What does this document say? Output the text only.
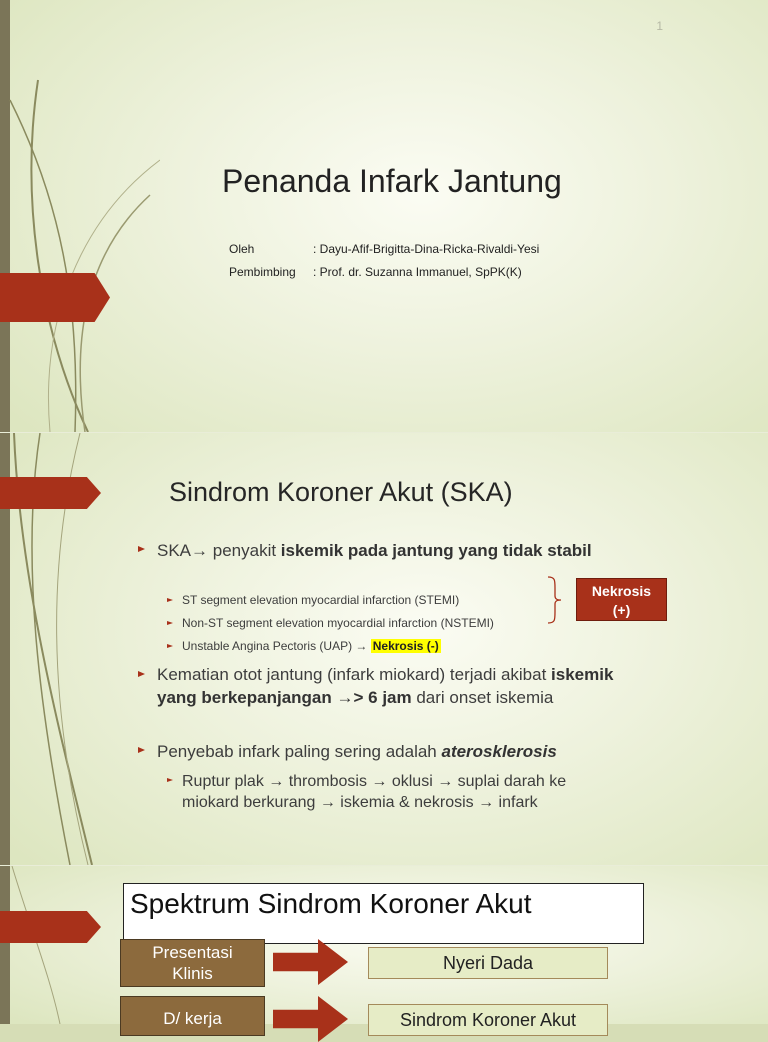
1
Penanda Infark Jantung
Oleh	: Dayu-Afif-Brigitta-Dina-Ricka-Rivaldi-Yesi
Pembimbing : Prof. dr. Suzanna Immanuel, SpPK(K)
Sindrom Koroner Akut (SKA)
SKA→ penyakit iskemik pada jantung yang tidak stabil
ST segment elevation myocardial infarction (STEMI)
Non-ST segment elevation myocardial infarction (NSTEMI)
Unstable Angina Pectoris (UAP) → Nekrosis (-)
Nekrosis
(+)
Kematian otot jantung (infark miokard) terjadi akibat iskemik yang berkepanjangan →> 6 jam dari onset iskemia
Penyebab infark paling sering adalah aterosklerosis
Ruptur plak → thrombosis → oklusi → suplai darah ke
miokard berkurang → iskemia & nekrosis → infark
Spektrum Sindrom Koroner Akut
Presentasi
Klinis
Nyeri Dada
D/ kerja	Sindrom Koroner Akut
